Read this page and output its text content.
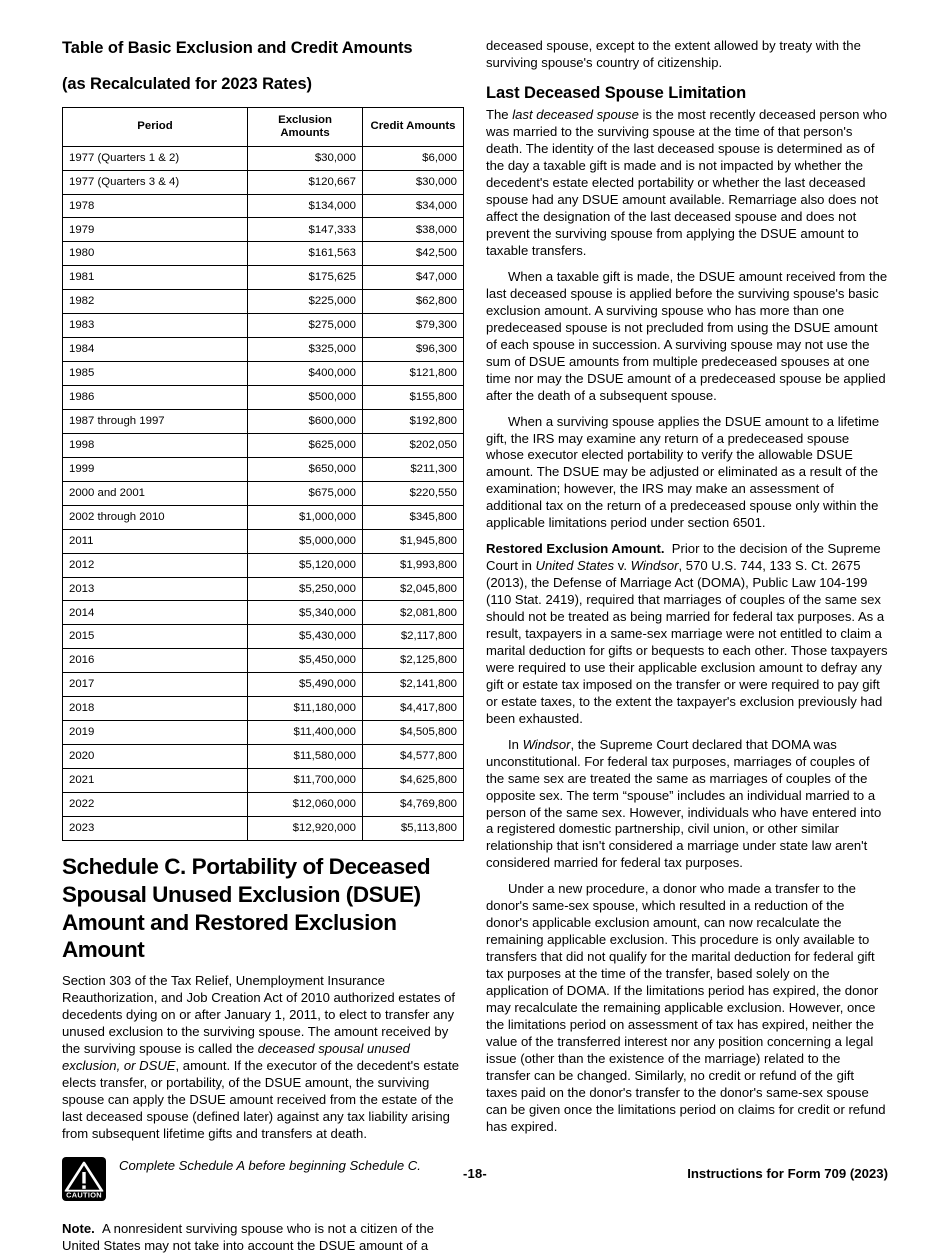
Table of Basic Exclusion and Credit Amounts
(as Recalculated for 2023 Rates)
Period	Exclusion Amounts	Credit Amounts
1977 (Quarters 1 & 2)	$30,000	$6,000
1977 (Quarters 3 & 4)	$120,667	$30,000
1978	$134,000	$34,000
1979	$147,333	$38,000
1980	$161,563	$42,500
1981	$175,625	$47,000
1982	$225,000	$62,800
1983	$275,000	$79,300
1984	$325,000	$96,300
1985	$400,000	$121,800
1986	$500,000	$155,800
1987 through 1997	$600,000	$192,800
1998	$625,000	$202,050
1999	$650,000	$211,300
2000 and 2001	$675,000	$220,550
2002 through 2010	$1,000,000	$345,800
2011	$5,000,000	$1,945,800
2012	$5,120,000	$1,993,800
2013	$5,250,000	$2,045,800
2014	$5,340,000	$2,081,800
2015	$5,430,000	$2,117,800
2016	$5,450,000	$2,125,800
2017	$5,490,000	$2,141,800
2018	$11,180,000	$4,417,800
2019	$11,400,000	$4,505,800
2020	$11,580,000	$4,577,800
2021	$11,700,000	$4,625,800
2022	$12,060,000	$4,769,800
2023	$12,920,000	$5,113,800
Schedule C. Portability of Deceased Spousal Unused Exclusion (DSUE) Amount and Restored Exclusion Amount

Section 303 of the Tax Relief, Unemployment Insurance Reauthorization, and Job Creation Act of 2010 authorized estates of decedents dying on or after January 1, 2011, to elect to transfer any unused exclusion to the surviving spouse. The amount received by the surviving spouse is called the deceased spousal unused exclusion, or DSUE, amount. If the executor of the decedent's estate elects transfer, or portability, of the DSUE amount, the surviving spouse can apply the DSUE amount received from the estate of the last deceased spouse (defined later) against any tax liability arising from subsequent lifetime gifts and transfers at death.

CAUTION
Complete Schedule A before beginning Schedule C.
Note. A nonresident surviving spouse who is not a citizen of the United States may not take into account the DSUE amount of a

deceased spouse, except to the extent allowed by treaty with the surviving spouse's country of citizenship.

Last Deceased Spouse Limitation

The last deceased spouse is the most recently deceased person who was married to the surviving spouse at the time of that person's death. The identity of the last deceased spouse is determined as of the day a taxable gift is made and is not impacted by whether the decedent's estate elected portability or whether the last deceased spouse had any DSUE amount available. Remarriage also does not affect the designation of the last deceased spouse and does not prevent the surviving spouse from applying the DSUE amount to taxable transfers.

When a taxable gift is made, the DSUE amount received from the last deceased spouse is applied before the surviving spouse's basic exclusion amount. A surviving spouse who has more than one predeceased spouse is not precluded from using the DSUE amount of each spouse in succession. A surviving spouse may not use the sum of DSUE amounts from multiple predeceased spouses at one time nor may the DSUE amount of a predeceased spouse be applied after the death of a subsequent spouse.

When a surviving spouse applies the DSUE amount to a lifetime gift, the IRS may examine any return of a predeceased spouse whose executor elected portability to verify the allowable DSUE amount. The DSUE may be adjusted or eliminated as a result of the examination; however, the IRS may make an assessment of additional tax on the return of a predeceased spouse only within the applicable limitations period under section 6501.

Restored Exclusion Amount. Prior to the decision of the Supreme Court in United States v. Windsor, 570 U.S. 744, 133 S. Ct. 2675 (2013), the Defense of Marriage Act (DOMA), Public Law 104-199 (110 Stat. 2419), required that marriages of couples of the same sex should not be treated as being married for federal tax purposes. As a result, taxpayers in a same-sex marriage were not entitled to claim a marital deduction for gifts or bequests to each other. Those taxpayers were required to use their applicable exclusion amount to defray any gift or estate tax imposed on the transfer or were required to pay gift or estate taxes, to the extent the taxpayer's exclusion previously had been exhausted.

In Windsor, the Supreme Court declared that DOMA was unconstitutional. For federal tax purposes, marriages of couples of the same sex are treated the same as marriages of couples of the opposite sex. The term “spouse” includes an individual married to a person of the same sex. However, individuals who have entered into a registered domestic partnership, civil union, or other similar relationship that isn't considered a marriage under state law aren't considered married for federal tax purposes.

Under a new procedure, a donor who made a transfer to the donor's same-sex spouse, which resulted in a reduction of the donor's applicable exclusion amount, can now recalculate the remaining applicable exclusion. This procedure is only available to transfers that did not qualify for the marital deduction for federal gift tax purposes at the time of the transfer, based solely on the application of DOMA. If the limitations period has expired, the donor may recalculate the remaining applicable exclusion. However, once the limitations period on assessment of tax has expired, neither the value of the transferred interest nor any position concerning a legal issue (other than the existence of the marriage) related to the transfer can be changed. Similarly, no credit or refund of the gift taxes paid on the donor's transfer to the donor's same-sex spouse can be given once the limitations period on claims for credit or refund has expired.

-18-	Instructions for Form 709 (2023)
